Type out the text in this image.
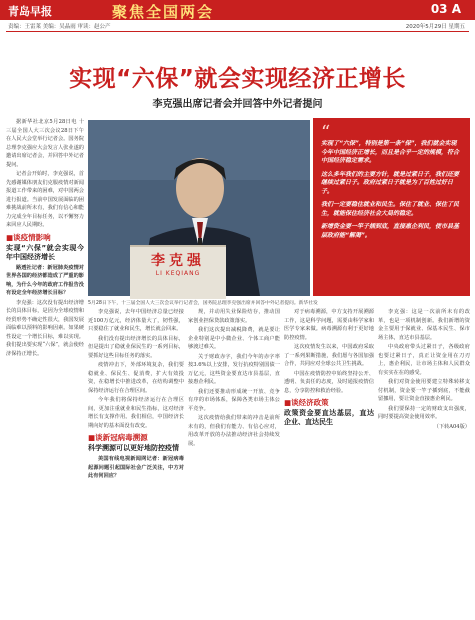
青岛早报	聚焦全国两会	03 A
责编：王雷莱 美编：吴晶雨 审读：赵公产	2020年5月29日 星期五
实现“六保”就会实现经济正增长
李克强出席记者会并回答中外记者提问

据新华社北京5月28日电 十三届全国人大三次会议28日下午在人民大会堂举行记者会。国务院总理李克强应大会发言人张业遂的邀请出席记者会，并回答中外记者提问。

记者会开始时，李克强说，首先感谢媒体朋友们克服疫情对新闻报道工作带来的困难，对中国两会进行报道。当前中国发展面临的困难挑战前所未有，我们有信心和能力完成全年目标任务，以不懈努力来回应人民期盼。

■谈疫情影响
实现“六保”就会实现今年中国经济增长

路透社记者：新冠肺炎疫情对世界各国的经济都造成了严重的影响，为什么今年的政府工作报告没有设定全年经济增长目标？

李克强：这次没有提出经济增长的具体目标，是因为全球疫情和经贸形势不确定性很大，我国发展面临难以预料的影响因素。如果硬性设定一个增长目标，难以实现。我们提出要实现“六保”，就会使经济保持正增长。

李克强
LI KEQIANG
5月28日下午，十三届全国人大三次会议举行记者会，国务院总理李克强出席并回答中外记者提问。新华社发
“

实现了“六保”，特别是第一条“保”，我们就会实现今年中国经济正增长，而且是合乎一定的规模，符合中国经济稳定需求。

这么多年我们的主要方针，就是过紧日子，我们还要继续过紧日子。政府过紧日子就是为了百姓过好日子。

我们一定要稳住就业和民生。保住了就业、保住了民生，就能保住经济社会大局的稳定。

新增资金要一竿子插到底，直接惠企利民，使市县基层政府能“解渴”。

李克强说，去年中国经济总量已经接近100万亿元，经济体量大了，韧性强，只要稳住了就业和民生，增长就会回来。

我们没有提出经济增长的具体目标，但是提出了稳就业保民生的一系列目标，要抓好这些目标任务的落实。

疫情冲击下，外部环境复杂，我们要稳就业、保民生、促消费，扩大有效投资，在稳增长中推进改革，在结构调整中保持经济运行在合理区间。

今年我们将保持经济运行在合理区间，更加注重就业和民生指标，这对经济增长有支撑作用。我们相信，中国经济长期向好的基本面没有改变。

■谈新冠病毒溯源
科学溯源可以更好地防控疫情

美国有线电视新闻网记者：新冠病毒起源问题引起国际社会广泛关注，中方对此有何回应？

规，并动用失业保险结存，推动国家创业担保贷款政策落实。

我们这次提出减税降费，就是要让企业特别是中小微企业、个体工商户能够渡过难关。

关于财政赤字，我们今年的赤字率按3.6%以上安排，发行抗疫特别国债一万亿元，这些资金要直达市县基层，直接惠企利民。

我们还要推动形成统一开放、竞争有序的市场体系，保障各类市场主体公平竞争。

这次疫情给我们带来的冲击是前所未有的，但我们有能力、有信心应对，用改革开放的办法推动经济社会持续发展。

对于病毒溯源，中方支持开展溯源工作，这是科学问题，需要由科学家和医学专家来做。病毒溯源有利于更好地防控疫情。

这次疫情发生以来，中国政府采取了一系列果断措施，我们愿与各国加强合作，共同应对全球公共卫生挑战。

中国在疫情防控中始终坚持公开、透明、负责任的态度，及时通报疫情信息，分享防控和救治经验。

■谈经济政策
政策资金要直达基层，直达企业、直达民生

李克强：这是一次前所未有的改革，也是一项机制创新。我们新增的资金主要用于保就业、保基本民生、保市场主体，直达市县基层。

中央政府带头过紧日子，各级政府也要过紧日子，真正让资金用在刀刃上，惠企利民，让市场主体和人民群众有实实在在的感受。

我们对资金使用要建立特殊转移支付机制，资金要一竿子插到底，不能截留挪用，要让资金直接惠企利民。

我们要保持一定的财政支出强度，同时要提高资金使用效率。

（下转A04版）
